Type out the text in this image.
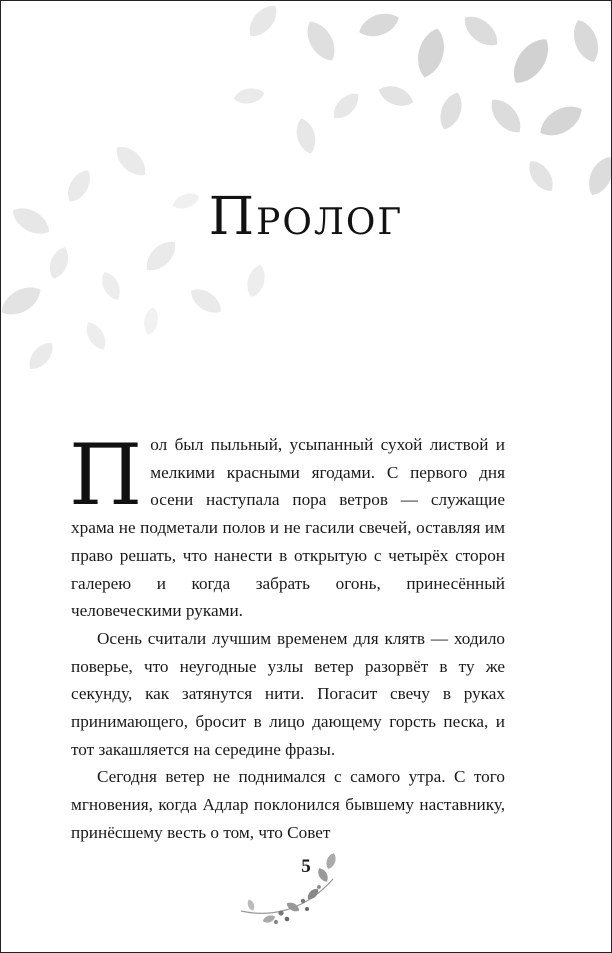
Пролог

Пол был пыльный, усыпанный сухой листвой и мелкими красными ягодами. С первого дня осени наступала пора ветров — служащие храма не подметали полов и не гасили свечей, оставляя им право решать, что нанести в открытую с четырёх сторон галерею и когда забрать огонь, принесённый человеческими руками.

Осень считали лучшим временем для клятв — ходило поверье, что неугодные узлы ветер разорвёт в ту же секунду, как затянутся нити. Погасит свечу в руках принимающего, бросит в лицо дающему горсть песка, и тот закашляется на середине фразы.

Сегодня ветер не поднимался с самого утра. С того мгновения, когда Адлар поклонился бывшему наставнику, принёсшему весть о том, что Совет

5
